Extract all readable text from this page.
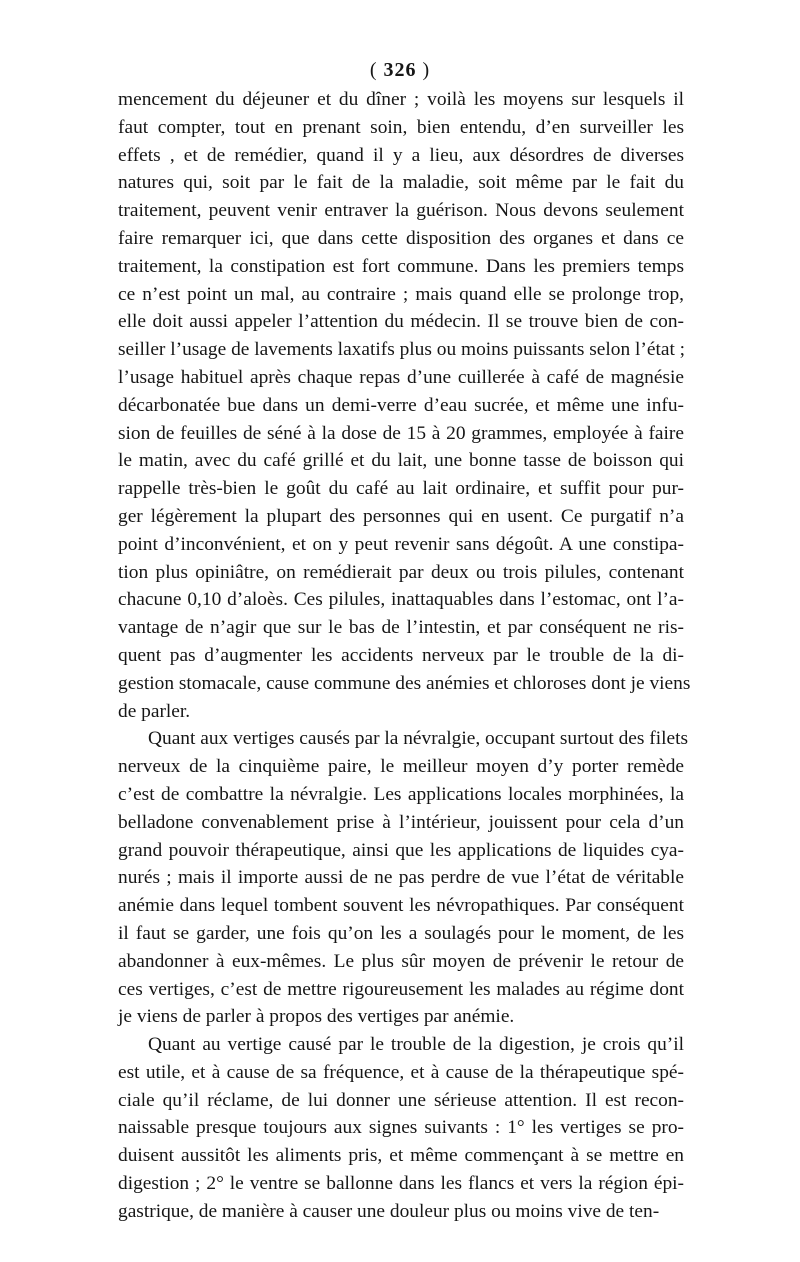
( 326 )
mencement du déjeuner et du dîner ; voilà les moyens sur lesquels il
faut compter, tout en prenant soin, bien entendu, d’en surveiller les
effets , et de remédier, quand il y a lieu, aux désordres de diverses
natures qui, soit par le fait de la maladie, soit même par le fait du
traitement, peuvent venir entraver la guérison. Nous devons seulement
faire remarquer ici, que dans cette disposition des organes et dans ce
traitement, la constipation est fort commune. Dans les premiers temps
ce n’est point un mal, au contraire ; mais quand elle se prolonge trop,
elle doit aussi appeler l’attention du médecin. Il se trouve bien de con-
seiller l’usage de lavements laxatifs plus ou moins puissants selon l’état ;
l’usage habituel après chaque repas d’une cuillerée à café de magnésie
décarbonatée bue dans un demi-verre d’eau sucrée, et même une infu-
sion de feuilles de séné à la dose de 15 à 20 grammes, employée à faire
le matin, avec du café grillé et du lait, une bonne tasse de boisson qui
rappelle très-bien le goût du café au lait ordinaire, et suffit pour pur-
ger légèrement la plupart des personnes qui en usent. Ce purgatif n’a
point d’inconvénient, et on y peut revenir sans dégoût. A une constipa-
tion plus opiniâtre, on remédierait par deux ou trois pilules, contenant
chacune 0,10 d’aloès. Ces pilules, inattaquables dans l’estomac, ont l’a-
vantage de n’agir que sur le bas de l’intestin, et par conséquent ne ris-
quent pas d’augmenter les accidents nerveux par le trouble de la di-
gestion stomacale, cause commune des anémies et chloroses dont je viens
de parler.
Quant aux vertiges causés par la névralgie, occupant surtout des filets
nerveux de la cinquième paire, le meilleur moyen d’y porter remède
c’est de combattre la névralgie. Les applications locales morphinées, la
belladone convenablement prise à l’intérieur, jouissent pour cela d’un
grand pouvoir thérapeutique, ainsi que les applications de liquides cya-
nurés ; mais il importe aussi de ne pas perdre de vue l’état de véritable
anémie dans lequel tombent souvent les névropathiques. Par conséquent
il faut se garder, une fois qu’on les a soulagés pour le moment, de les
abandonner à eux-mêmes. Le plus sûr moyen de prévenir le retour de
ces vertiges, c’est de mettre rigoureusement les malades au régime dont
je viens de parler à propos des vertiges par anémie.
Quant au vertige causé par le trouble de la digestion, je crois qu’il
est utile, et à cause de sa fréquence, et à cause de la thérapeutique spé-
ciale qu’il réclame, de lui donner une sérieuse attention. Il est recon-
naissable presque toujours aux signes suivants : 1° les vertiges se pro-
duisent aussitôt les aliments pris, et même commençant à se mettre en
digestion ; 2° le ventre se ballonne dans les flancs et vers la région épi-
gastrique, de manière à causer une douleur plus ou moins vive de ten-
